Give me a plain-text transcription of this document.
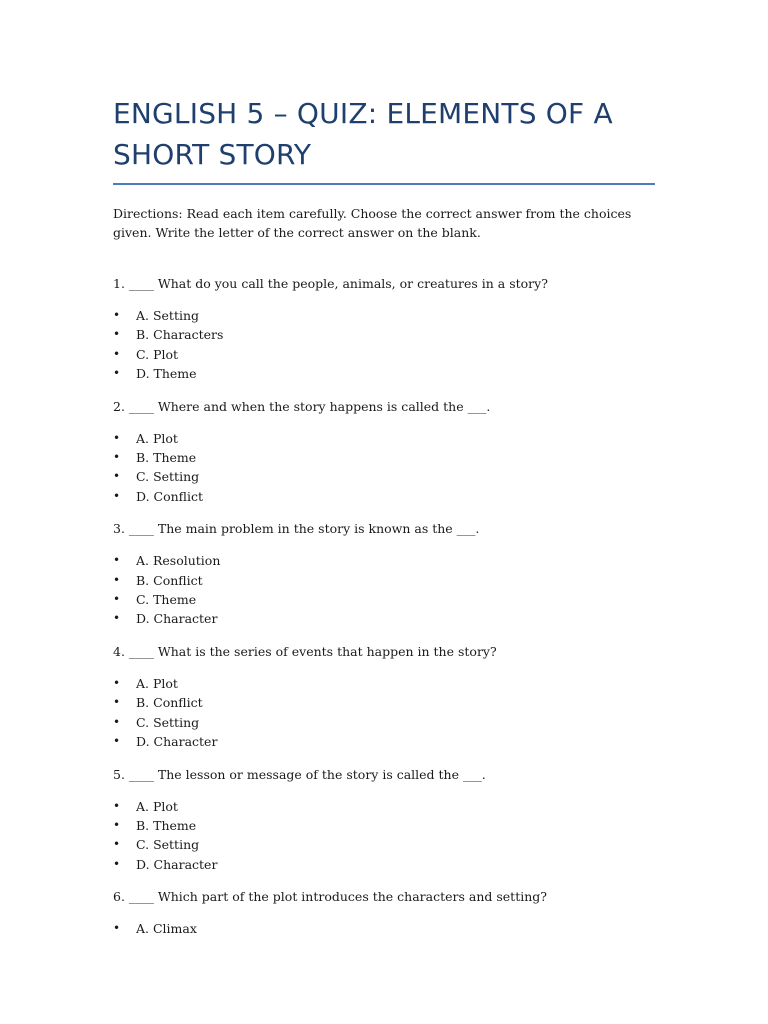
ENGLISH 5 – QUIZ: ELEMENTS OF A SHORT STORY

Directions: Read each item carefully. Choose the correct answer from the choices given. Write the letter of the correct answer on the blank.

1. ____ What do you call the people, animals, or creatures in a story?

• A. Setting
• B. Characters
• C. Plot
• D. Theme

2. ____ Where and when the story happens is called the ___.

• A. Plot
• B. Theme
• C. Setting
• D. Conflict

3. ____ The main problem in the story is known as the ___.

• A. Resolution
• B. Conflict
• C. Theme
• D. Character

4. ____ What is the series of events that happen in the story?

• A. Plot
• B. Conflict
• C. Setting
• D. Character

5. ____ The lesson or message of the story is called the ___.

• A. Plot
• B. Theme
• C. Setting
• D. Character

6. ____ Which part of the plot introduces the characters and setting?

• A. Climax
